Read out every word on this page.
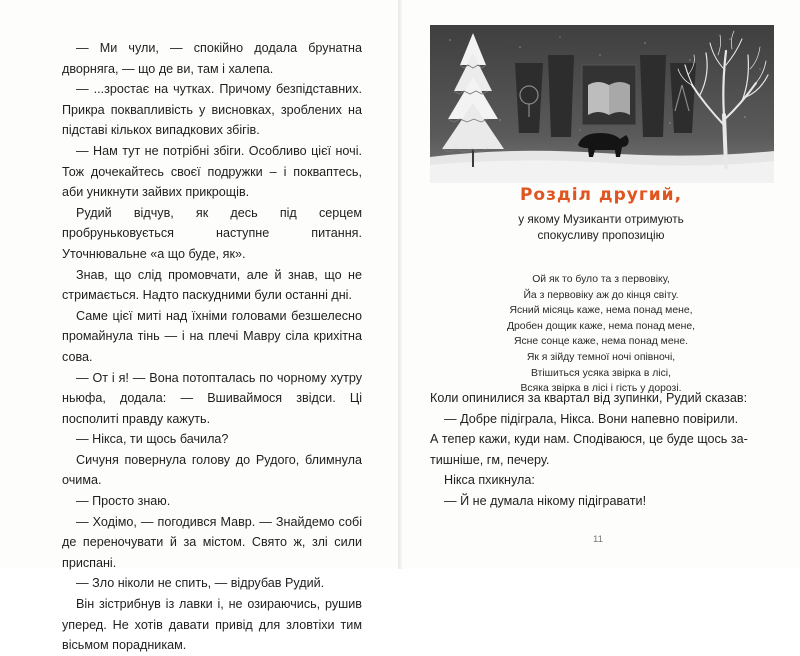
— Ми чули, — спокійно додала брунатна дворняга, — що де ви, там і халепа.

— ...зростає на чутках. Причому безпідставних. Прикра поквапливість у висновках, зроблених на підставі кількох випадкових збігів.

— Нам тут не потрібні збіги. Особливо цієї ночі. Тож дочекайтесь своєї подружки – і покваптесь, аби уникнути зайвих прикрощів.

Рудий відчув, як десь під серцем пробруньковується наступне питання. Уточнювальне «а що буде, як».

Знав, що слід промовчати, але й знав, що не стримається. Надто паскудними були останні дні.

Саме цієї миті над їхніми головами безшелесно промайнула тінь — і на плечі Мавру сіла крихітна сова.

— От і я! — Вона потопталась по чорному хутру ньюфа, додала: — Вшиваймося звідси. Ці посполиті правду кажуть.

— Нікса, ти щось бачила?

Сичуня повернула голову до Рудого, блимнула очима.

— Просто знаю.

— Ходімо, — погодився Мавр. — Знайдемо собі де переночувати й за містом. Свято ж, злі сили приспані.

— Зло ніколи не спить, — відрубав Рудий.

Він зістрибнув із лавки і, не озираючись, рушив уперед. Не хотів давати привід для зловтіхи тим вісьмом порадникам.

Розділ другий,
у якому Музиканти отримують
спокусливу пропозицію
Ой як то було та з первовіку,
Йа з первовіку аж до кінця світу.
Ясний місяць каже, нема понад мене,
Дробен дощик каже, нема понад мене,
Ясне сонце каже, нема понад мене.
Як я зійду темної ночі опівночі,
Втішиться усяка звірка в лісі,
Всяка звірка в лісі і гість у дорозі.

Коли опинилися за квартал від зупинки, Рудий сказав:

— Добре підіграла, Нікса. Вони напевно повірили.

А тепер кажи, куди нам. Сподіваюся, це буде щось за-

тишніше, гм, печеру.

Нікса пхикнула:

— Й не думала нікому підігравати!

11
